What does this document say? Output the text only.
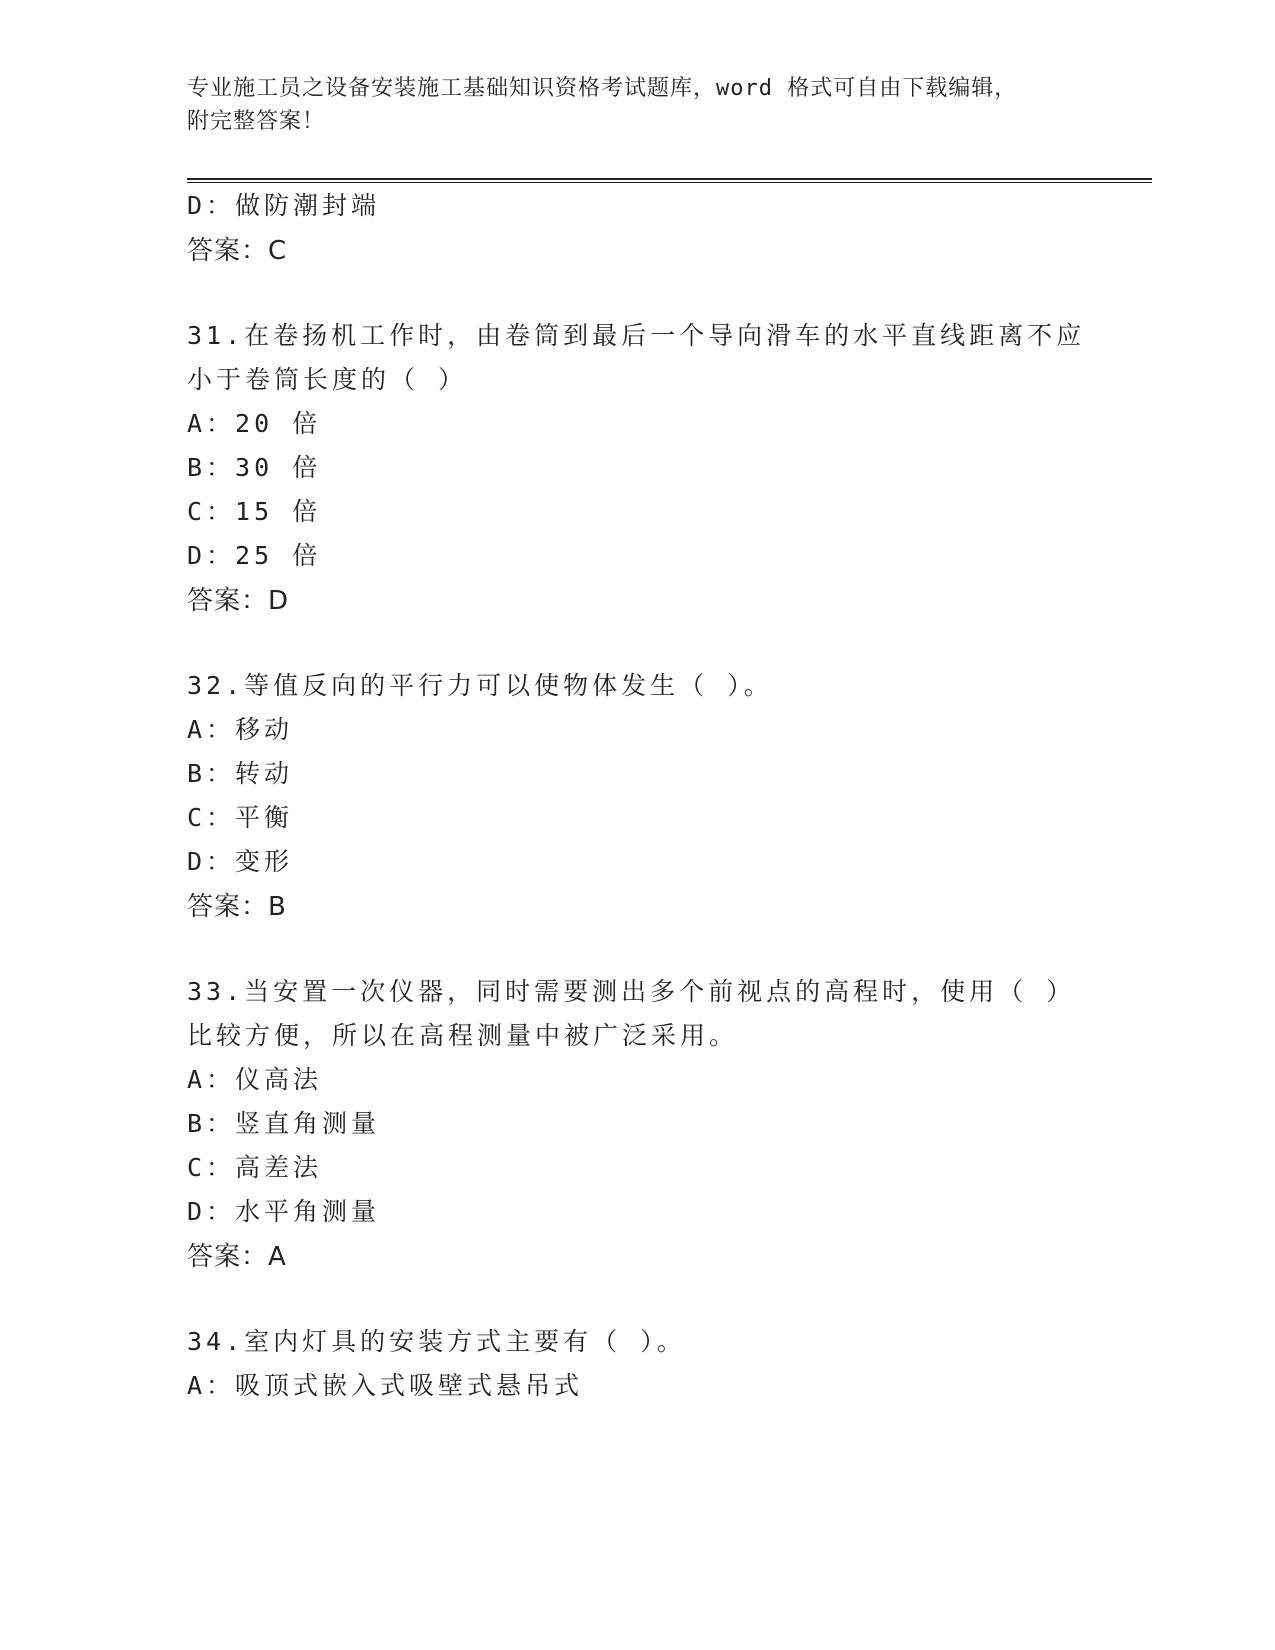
专业施工员之设备安装施工基础知识资格考试题库，word 格式可自由下载编辑，
附完整答案！
D：做防潮封端
答案：C
31.在卷扬机工作时，由卷筒到最后一个导向滑车的水平直线距离不应
小于卷筒长度的（ ）
A：20 倍
B：30 倍
C：15 倍
D：25 倍
答案：D
32.等值反向的平行力可以使物体发生（ ）。
A：移动
B：转动
C：平衡
D：变形
答案：B
33.当安置一次仪器，同时需要测出多个前视点的高程时，使用（ ）
比较方便，所以在高程测量中被广泛采用。
A：仪高法
B：竖直角测量
C：高差法
D：水平角测量
答案：A
34.室内灯具的安装方式主要有（ ）。
A：吸顶式嵌入式吸壁式悬吊式
